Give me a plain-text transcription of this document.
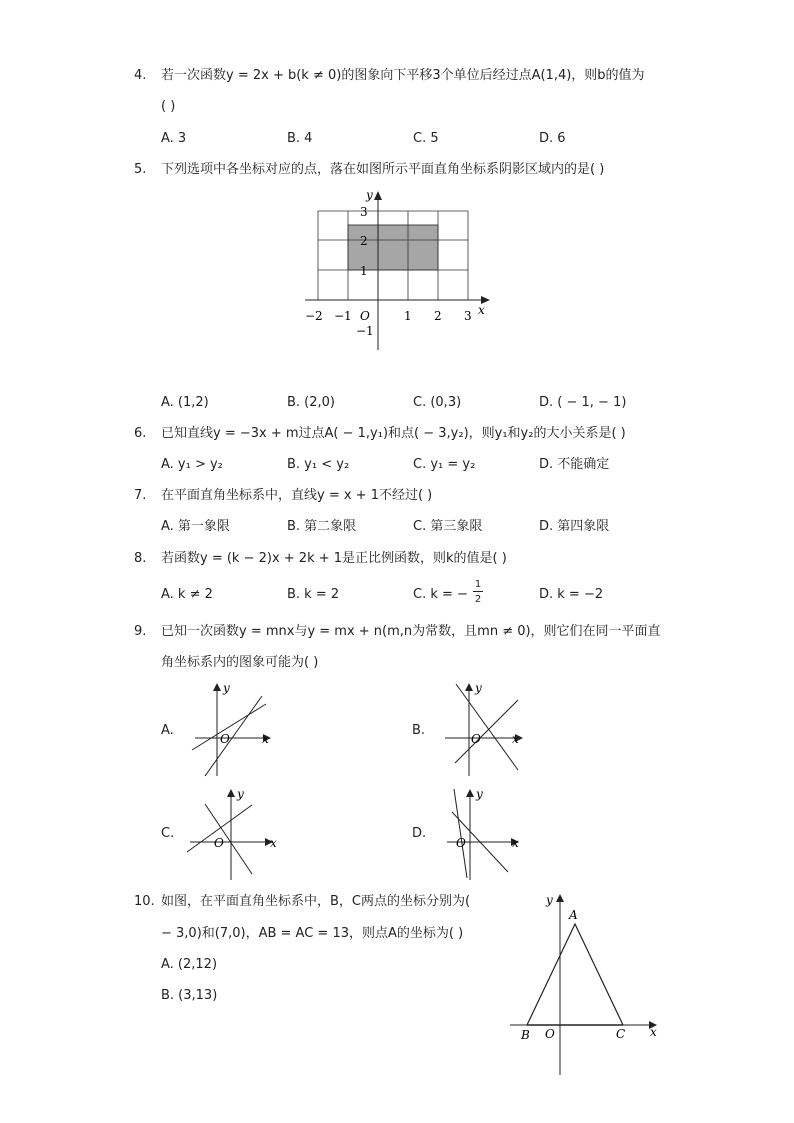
4. 若一次函数y = 2x + b(k ≠ 0)的图象向下平移3个单位后经过点A(1,4)，则b的值为
( )
A. 3	B. 4	C. 5	D. 6
5. 下列选项中各坐标对应的点，落在如图所示平面直角坐标系阴影区域内的是( )
y
x
O
−2 −1	1 2 3
3
2
1
−1
A. (1,2)	B. (2,0)	C. (0,3)	D. ( − 1, − 1)
6. 已知直线y = −3x + m过点A( − 1,y₁)和点( − 3,y₂)，则y₁和y₂的大小关系是( )
A. y₁ > y₂	B. y₁ < y₂	C. y₁ = y₂	D. 不能确定
7. 在平面直角坐标系中，直线y = x + 1不经过( )
A. 第一象限	B. 第二象限	C. 第三象限	D. 第四象限
8. 若函数y = (k − 2)x + 2k + 1是正比例函数，则k的值是( )
A. k ≠ 2	B. k = 2	C. k = −
1
2	D. k = −2
9. 已知一次函数y = mnx与y = mx + n(m,n为常数，且mn ≠ 0)，则它们在同一平面直
角坐标系内的图象可能为( )
A.
y
x
O
B.
y
x
O
C.
y
x
O
D.
y
x
O
10. 如图，在平面直角坐标系中，B，C两点的坐标分别为(
− 3,0)和(7,0)，AB = AC = 13，则点A的坐标为( )
A. (2,12)
B. (3,13)
y
A
B O	C x
